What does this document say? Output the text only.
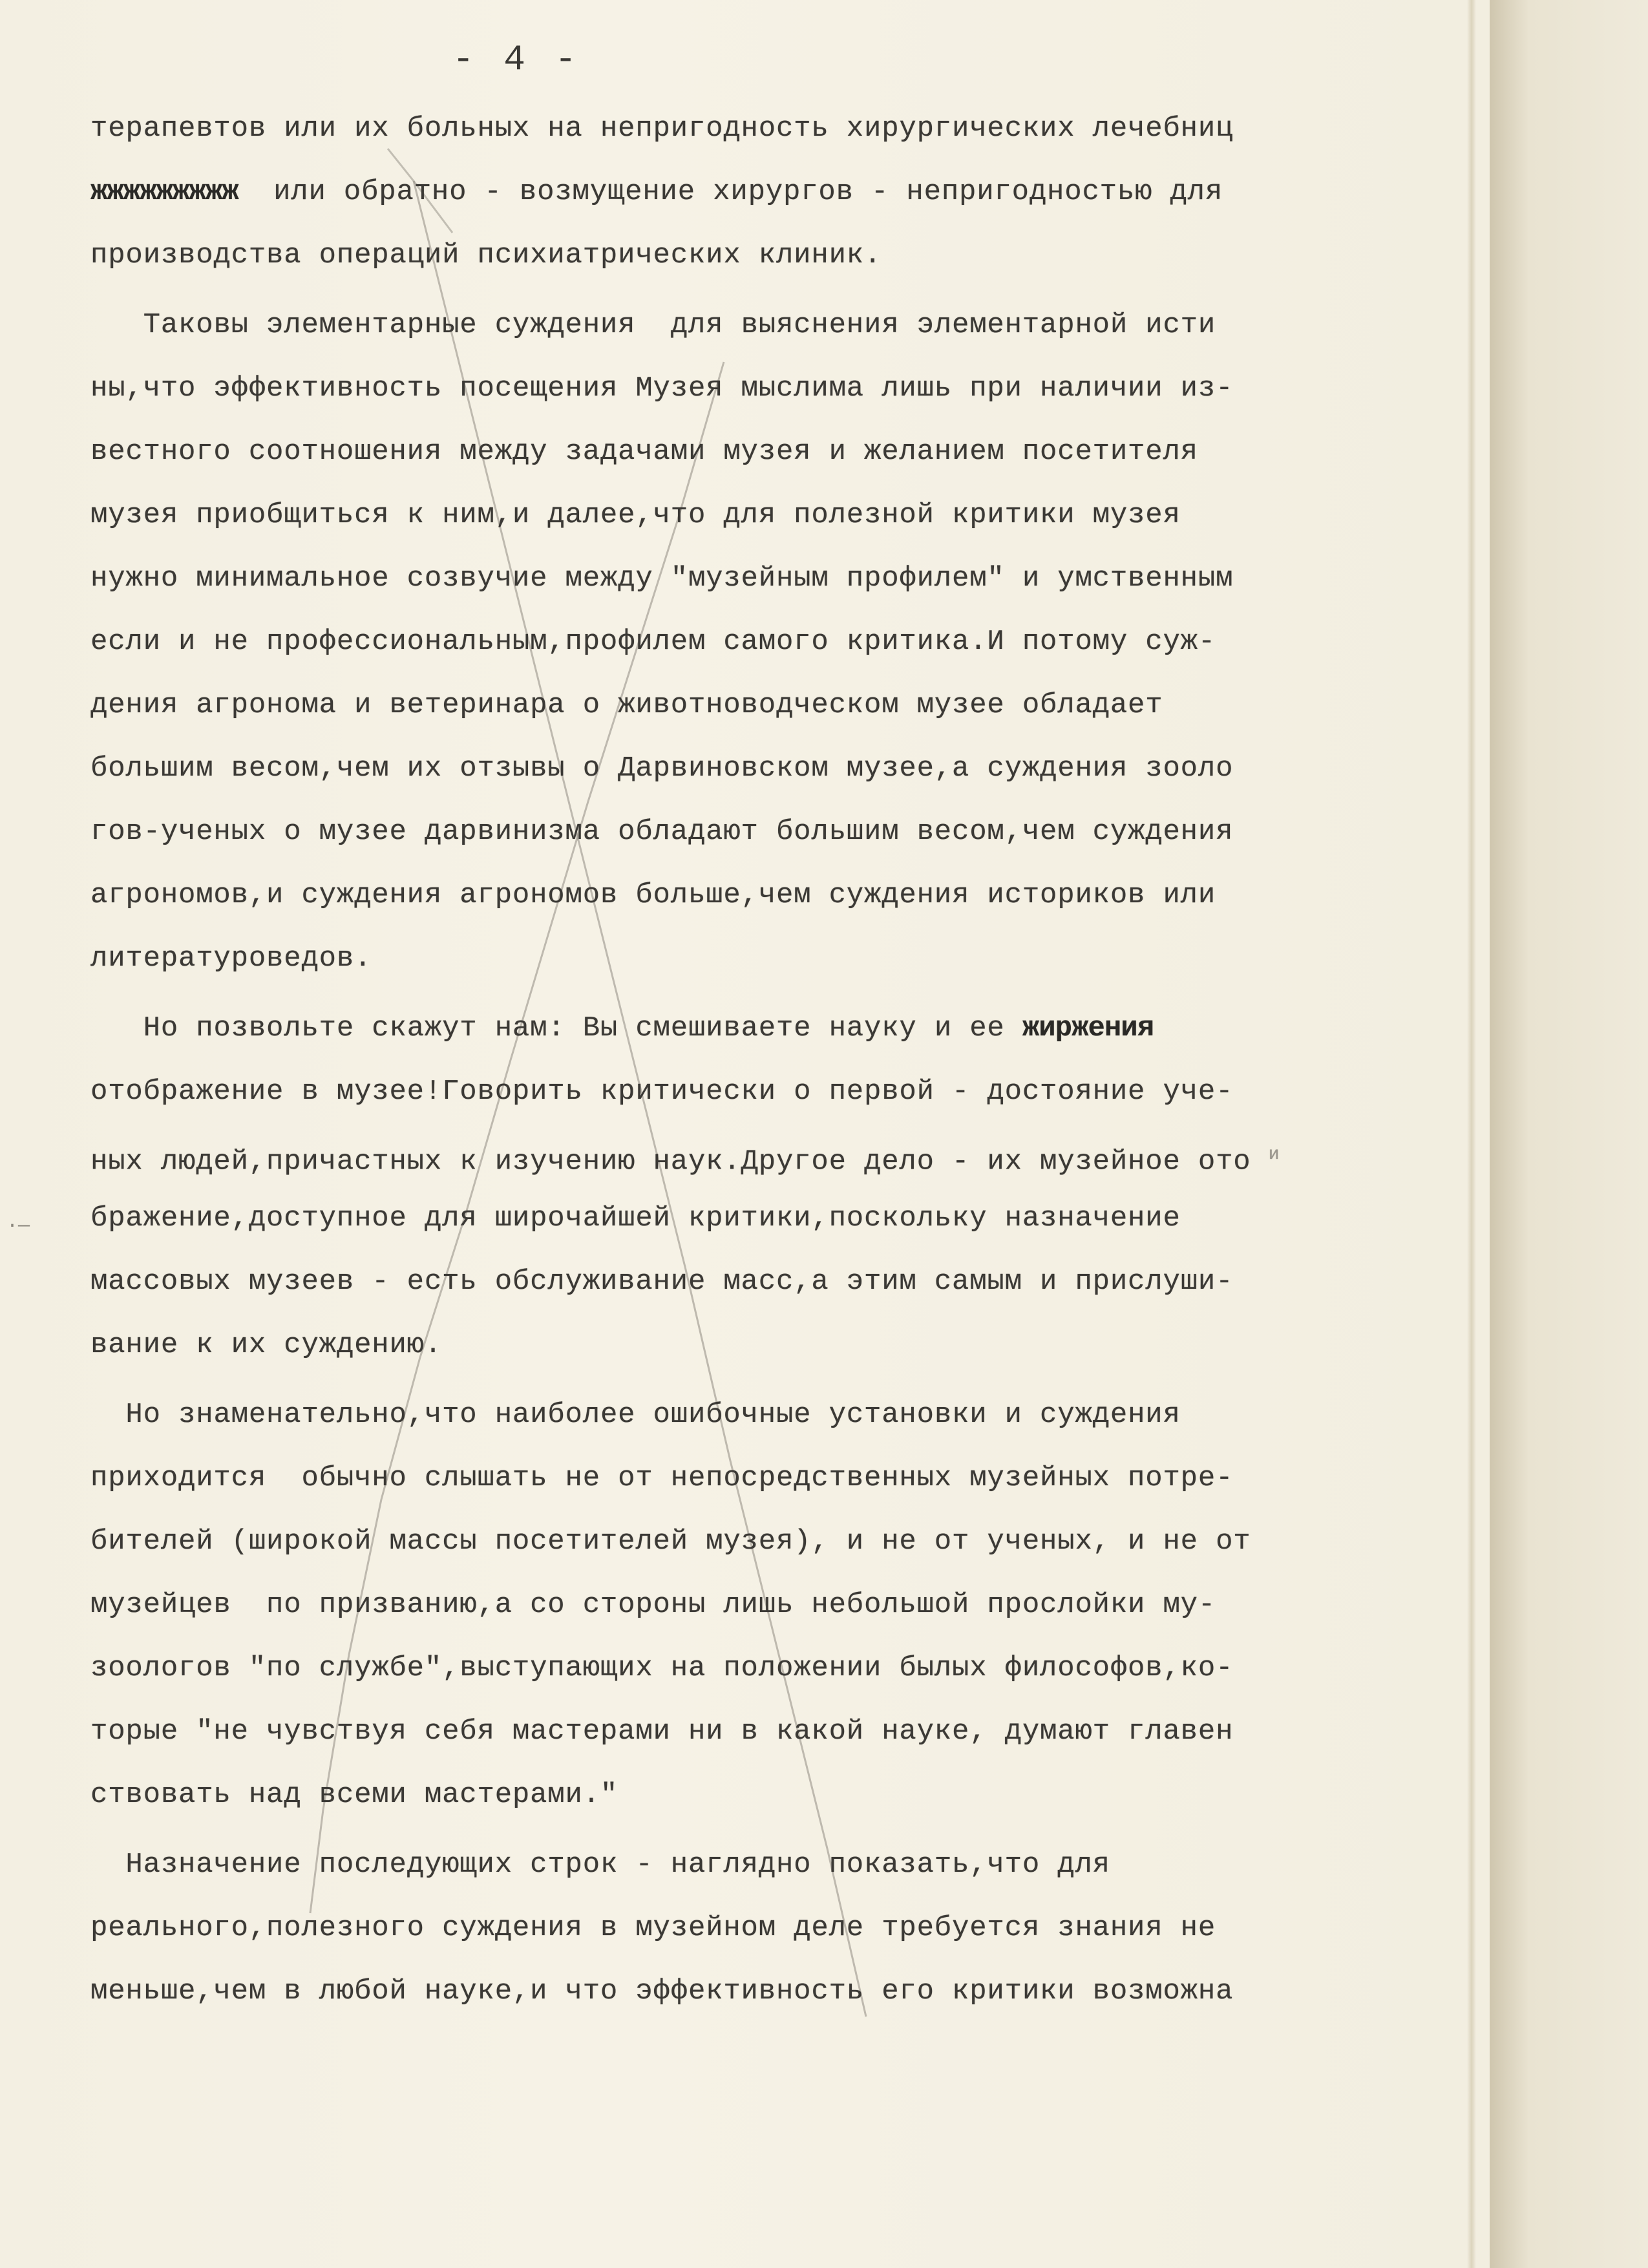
- 4 -
терапевтов или их больных на непригодность хирургических лечебниц
жжжжжжжжж или обратно - возмущение хирургов - непригодностью для
производства операций психиатрических клиник.
Таковы элементарные суждения  для выяснения элементарной исти
ны,что эффективность посещения Музея мыслима лишь при наличии из-
вестного соотношения между задачами музея и желанием посетителя
музея приобщиться к ним,и далее,что для полезной критики музея
нужно минимальное созвучие между "музейным профилем" и умственным
если и не профессиональным,профилем самого критика.И потому суж-
дения агронома и ветеринара о животноводческом музее обладает
большим весом,чем их отзывы о Дарвиновском музее,а суждения зооло
гов-ученых о музее дарвинизма обладают большим весом,чем суждения
агрономов,и суждения агрономов больше,чем суждения историков или
литературоведов.
Но позвольте скажут нам: Вы смешиваете науку и ее жиржения
отображение в музее!Говорить критически о первой - достояние уче-
ных людей,причастных к изучению наук.Другое дело - их музейное ото $^и$
бражение,доступное для широчайшей критики,поскольку назначение
массовых музеев - есть обслуживание масс,а этим самым и прислуши-
вание к их суждению.
Но знаменательно,что наиболее ошибочные установки и суждения
приходится  обычно слышать не от непосредственных музейных потре-
бителей (широкой массы посетителей музея), и не от ученых, и не от
музейцев  по призванию,а со стороны лишь небольшой прослойки му-
зоологов "по службе",выступающих на положении былых философов,ко-
торые "не чувствуя себя мастерами ни в какой науке, думают главен
ствовать над всеми мастерами."
Назначение последующих строк - наглядно показать,что для
реального,полезного суждения в музейном деле требуется знания не
меньше,чем в любой науке,и что эффективность его критики возможна
·—
